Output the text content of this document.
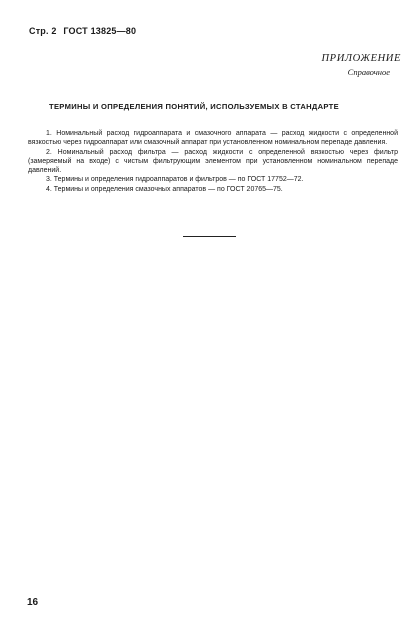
Стр. 2 ГОСТ 13825—80
ПРИЛОЖЕНИЕ
Справочное
ТЕРМИНЫ И ОПРЕДЕЛЕНИЯ ПОНЯТИЙ, ИСПОЛЬЗУЕМЫХ В СТАНДАРТЕ

1. Номинальный расход гидроаппарата и смазочного аппарата — расход жидкости с определенной вязкостью через гидроаппарат или смазочный аппарат при установленном номинальном перепаде давления.

2. Номинальный расход фильтра — расход жидкости с определенной вязкостью через фильтр (замеряемый на входе) с чистым фильтрующим элементом при установленном номинальном перепаде давлений.

3. Термины и определения гидроаппаратов и фильтров — по ГОСТ 17752—72.

4. Термины и определения смазочных аппаратов — по ГОСТ 20765—75.

16
